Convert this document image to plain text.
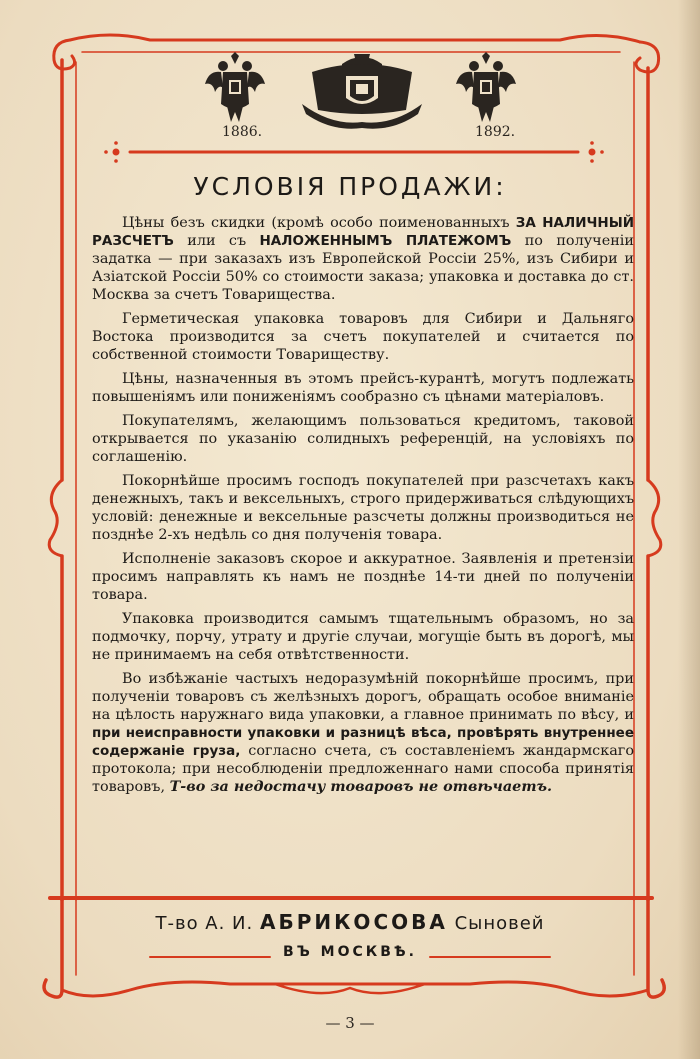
1886.	1892.
УСЛОВІЯ ПРОДАЖИ:

Цѣны безъ скидки (кромѣ особо поименованныхъ ЗА НАЛИЧНЫЙ РАЗСЧЕТЪ или съ НАЛОЖЕННЫМЪ ПЛАТЕЖОМЪ по полученіи задатка — при заказахъ изъ Европейской Россіи 25%, изъ Сибири и Азіатской Россіи 50% со стоимости заказа; упаковка и доставка до ст. Москва за счетъ Товарищества.

Герметическая упаковка товаровъ для Сибири и Дальняго Востока производится за счетъ покупателей и считается по собственной стоимости Товариществу.

Цѣны, назначенныя въ этомъ прейсъ-курантѣ, могутъ подлежать повышеніямъ или пониженіямъ сообразно съ цѣнами матеріаловъ.

Покупателямъ, желающимъ пользоваться кредитомъ, таковой открывается по указанію солидныхъ референцій, на условіяхъ по соглашенію.

Покорнѣйше просимъ господъ покупателей при разсчетахъ какъ денежныхъ, такъ и вексельныхъ, строго придерживаться слѣдующихъ условій: денежные и вексельные разсчеты должны производиться не позднѣе 2-хъ недѣль со дня полученія товара.

Исполненіе заказовъ скорое и аккуратное. Заявленія и претензіи просимъ направлять къ намъ не позднѣе 14-ти дней по полученіи товара.

Упаковка производится самымъ тщательнымъ образомъ, но за подмочку, порчу, утрату и другіе случаи, могущіе быть въ дорогѣ, мы не принимаемъ на себя отвѣтственности.

Во избѣжаніе частыхъ недоразумѣній покорнѣйше просимъ, при полученіи товаровъ съ желѣзныхъ дорогъ, обращать особое вниманіе на цѣлость наружнаго вида упаковки, а главное принимать по вѣсу, и при неисправности упаковки и разницѣ вѣса, провѣрять внутреннее содержаніе груза, согласно счета, съ составленіемъ жандармскаго протокола; при несоблюденіи предложеннаго нами способа принятія товаровъ, Т-во за недостачу товаровъ не отвѣчаетъ.

Т-во А. И. АБРИКОСОВА Сыновей
ВЪ МОСКВѢ.
— 3 —
